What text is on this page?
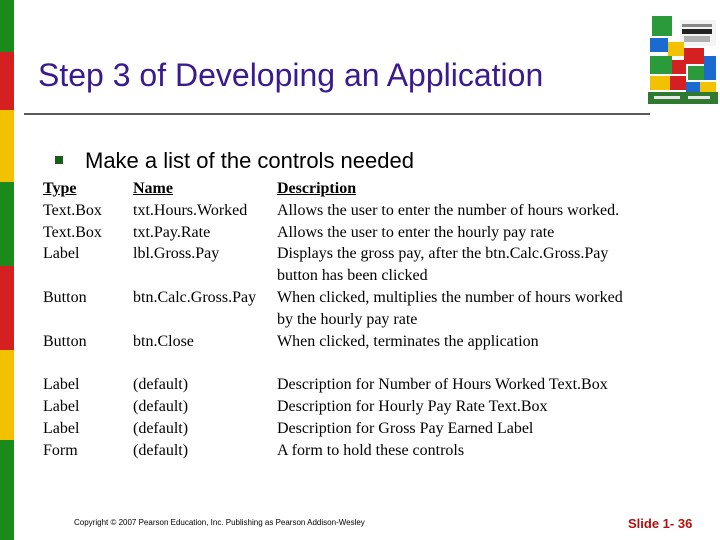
Step 3 of Developing an Application
Make a list of the controls needed
Type	Name	Description
Text.Box	txt.Hours.Worked	Allows the user to enter the number of hours worked.
Text.Box	txt.Pay.Rate	Allows the user to enter the hourly pay rate
Label	lbl.Gross.Pay	Displays the gross pay, after the btn.Calc.Gross.Pay
button has been clicked
Button	btn.Calc.Gross.Pay	When clicked, multiplies the number of hours worked
by the hourly pay rate
Button	btn.Close	When clicked, terminates the application
Label	(default)	Description for Number of Hours Worked Text.Box
Label	(default)	Description for Hourly Pay Rate Text.Box
Label	(default)	Description for Gross Pay Earned Label
Form	(default)	A form to hold these controls
Copyright © 2007 Pearson Education, Inc. Publishing as Pearson Addison-Wesley	Slide 1- 36
